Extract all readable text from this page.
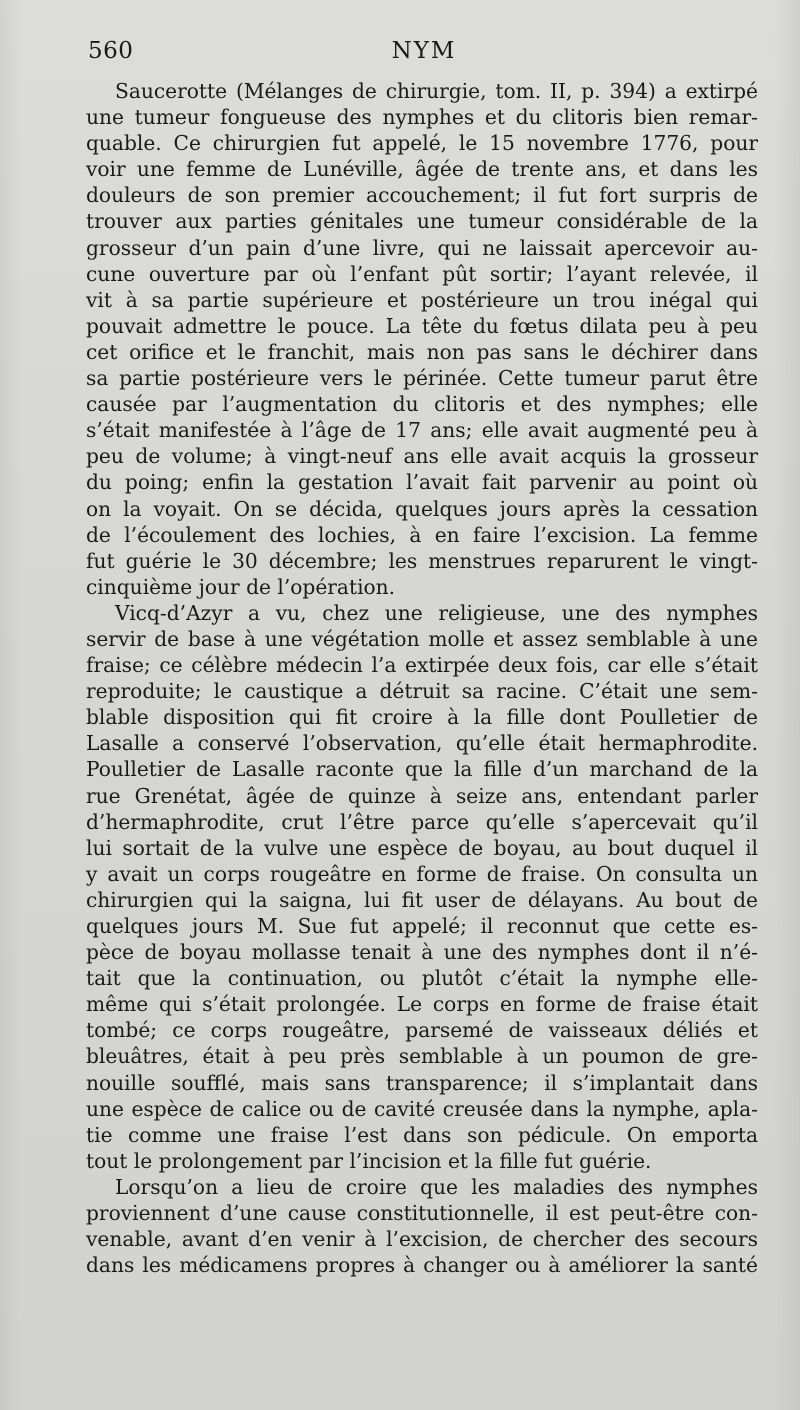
560	NYM

Saucerotte (Mélanges de chirurgie, tom. II, p. 394) a extirpé
une tumeur fongueuse des nymphes et du clitoris bien remar-
quable. Ce chirurgien fut appelé, le 15 novembre 1776, pour
voir une femme de Lunéville, âgée de trente ans, et dans les
douleurs de son premier accouchement; il fut fort surpris de
trouver aux parties génitales une tumeur considérable de la
grosseur d’un pain d’une livre, qui ne laissait apercevoir au-
cune ouverture par où l’enfant pût sortir; l’ayant relevée, il
vit à sa partie supérieure et postérieure un trou inégal qui
pouvait admettre le pouce. La tête du fœtus dilata peu à peu
cet orifice et le franchit, mais non pas sans le déchirer dans
sa partie postérieure vers le périnée. Cette tumeur parut être
causée par l’augmentation du clitoris et des nymphes; elle
s’était manifestée à l’âge de 17 ans; elle avait augmenté peu à
peu de volume; à vingt-neuf ans elle avait acquis la grosseur
du poing; enfin la gestation l’avait fait parvenir au point où
on la voyait. On se décida, quelques jours après la cessation
de l’écoulement des lochies, à en faire l’excision. La femme
fut guérie le 30 décembre; les menstrues reparurent le vingt-
cinquième jour de l’opération.

Vicq-d’Azyr a vu, chez une religieuse, une des nymphes
servir de base à une végétation molle et assez semblable à une
fraise; ce célèbre médecin l’a extirpée deux fois, car elle s’était
reproduite; le caustique a détruit sa racine. C’était une sem-
blable disposition qui fit croire à la fille dont Poulletier de
Lasalle a conservé l’observation, qu’elle était hermaphrodite.
Poulletier de Lasalle raconte que la fille d’un marchand de la
rue Grenétat, âgée de quinze à seize ans, entendant parler
d’hermaphrodite, crut l’être parce qu’elle s’apercevait qu’il
lui sortait de la vulve une espèce de boyau, au bout duquel il
y avait un corps rougeâtre en forme de fraise. On consulta un
chirurgien qui la saigna, lui fit user de délayans. Au bout de
quelques jours M. Sue fut appelé; il reconnut que cette es-
pèce de boyau mollasse tenait à une des nymphes dont il n’é-
tait que la continuation, ou plutôt c’était la nymphe elle-
même qui s’était prolongée. Le corps en forme de fraise était
tombé; ce corps rougeâtre, parsemé de vaisseaux déliés et
bleuâtres, était à peu près semblable à un poumon de gre-
nouille soufflé, mais sans transparence; il s’implantait dans
une espèce de calice ou de cavité creusée dans la nymphe, apla-
tie comme une fraise l’est dans son pédicule. On emporta
tout le prolongement par l’incision et la fille fut guérie.

Lorsqu’on a lieu de croire que les maladies des nymphes
proviennent d’une cause constitutionnelle, il est peut-être con-
venable, avant d’en venir à l’excision, de chercher des secours
dans les médicamens propres à changer ou à améliorer la santé
